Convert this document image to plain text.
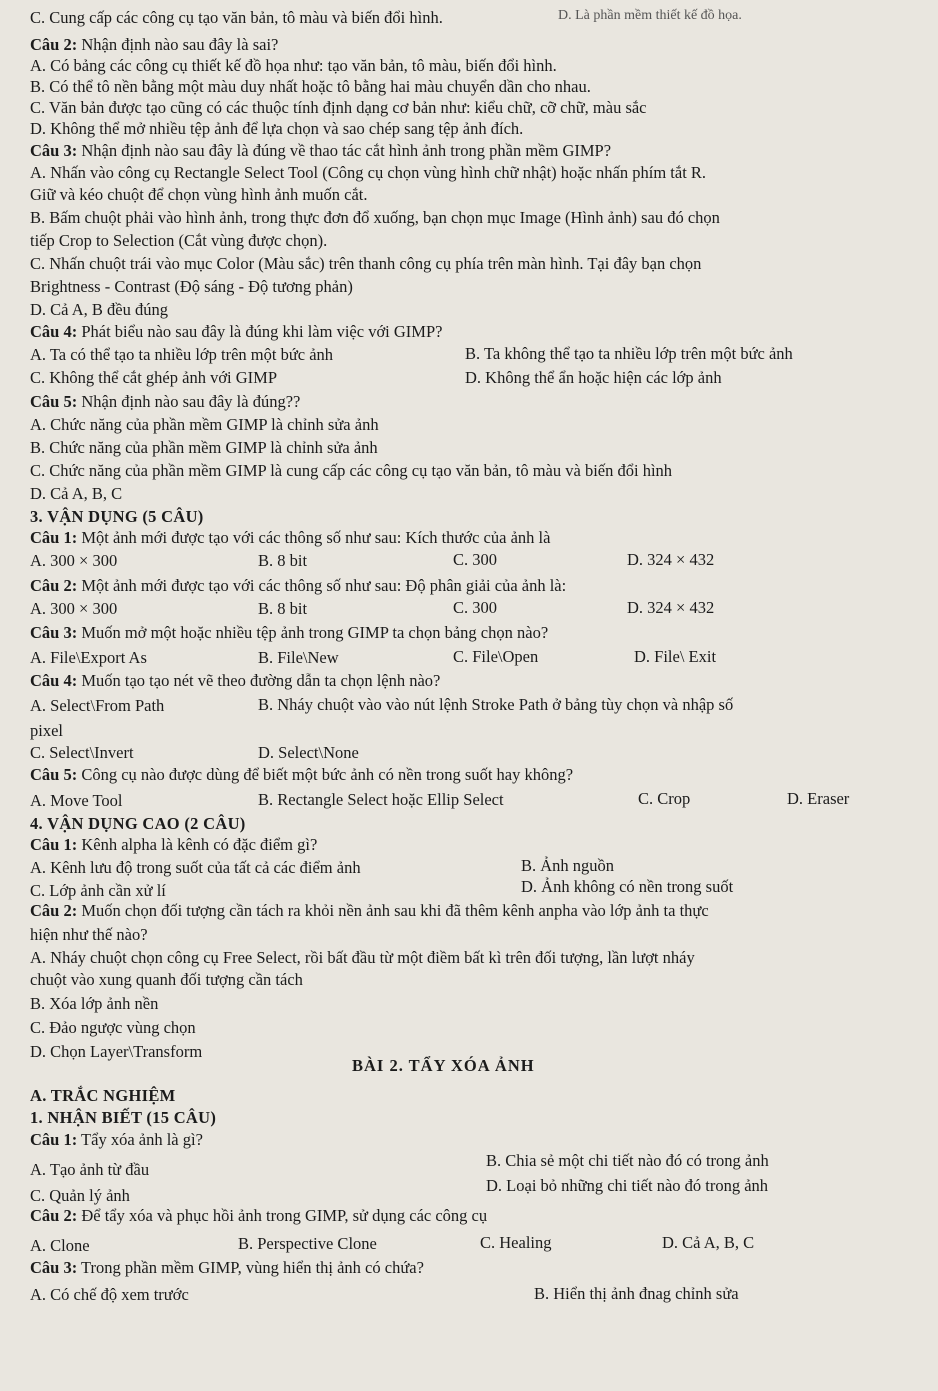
C. Cung cấp các công cụ tạo văn bản, tô màu và biến đổi hình.	D. Là phần mềm thiết kế đồ họa.
Câu 2: Nhận định nào sau đây là sai?
A. Có bảng các công cụ thiết kế đồ họa như: tạo văn bản, tô màu, biến đổi hình.
B. Có thể tô nền bằng một màu duy nhất hoặc tô bằng hai màu chuyển dần cho nhau.
C. Văn bản được tạo cũng có các thuộc tính định dạng cơ bản như: kiểu chữ, cỡ chữ, màu sắc
D. Không thể mở nhiều tệp ảnh để lựa chọn và sao chép sang tệp ảnh đích.
Câu 3: Nhận định nào sau đây là đúng về thao tác cắt hình ảnh trong phần mềm GIMP?
A. Nhấn vào công cụ Rectangle Select Tool (Công cụ chọn vùng hình chữ nhật) hoặc nhấn phím tắt R.
Giữ và kéo chuột để chọn vùng hình ảnh muốn cắt.
B. Bấm chuột phải vào hình ảnh, trong thực đơn đổ xuống, bạn chọn mục Image (Hình ảnh) sau đó chọn
tiếp Crop to Selection (Cắt vùng được chọn).
C. Nhấn chuột trái vào mục Color (Màu sắc) trên thanh công cụ phía trên màn hình. Tại đây bạn chọn
Brightness - Contrast (Độ sáng - Độ tương phản)
D. Cả A, B đều đúng
Câu 4: Phát biểu nào sau đây là đúng khi làm việc với GIMP?
A. Ta có thể tạo ta nhiều lớp trên một bức ảnh	B. Ta không thể tạo ta nhiều lớp trên một bức ảnh
C. Không thể cắt ghép ảnh với GIMP	D. Không thể ẩn hoặc hiện các lớp ảnh
Câu 5: Nhận định nào sau đây là đúng??
A. Chức năng của phần mềm GIMP là chỉnh sửa ảnh
B. Chức năng của phần mềm GIMP là chỉnh sửa ảnh
C. Chức năng của phần mềm GIMP là cung cấp các công cụ tạo văn bản, tô màu và biến đổi hình
D. Cả A, B, C
3. VẬN DỤNG (5 CÂU)
Câu 1: Một ảnh mới được tạo với các thông số như sau: Kích thước của ảnh là
A. 300 × 300	B. 8 bit	C. 300	D. 324 × 432
Câu 2: Một ảnh mới được tạo với các thông số như sau: Độ phân giải của ảnh là:
A. 300 × 300	B. 8 bit	C. 300	D. 324 × 432
Câu 3: Muốn mở một hoặc nhiều tệp ảnh trong GIMP ta chọn bảng chọn nào?
A. File\Export As	B. File\New	C. File\Open	D. File\ Exit
Câu 4: Muốn tạo tạo nét vẽ theo đường dẫn ta chọn lệnh nào?
A. Select\From Path	B. Nháy chuột vào vào nút lệnh Stroke Path ở bảng tùy chọn và nhập số
pixel
C. Select\Invert	D. Select\None
Câu 5: Công cụ nào được dùng để biết một bức ảnh có nền trong suốt hay không?
A. Move Tool	B. Rectangle Select hoặc Ellip Select	C. Crop	D. Eraser
4. VẬN DỤNG CAO (2 CÂU)
Câu 1: Kênh alpha là kênh có đặc điểm gì?
A. Kênh lưu độ trong suốt của tất cả các điểm ảnh	B. Ảnh nguồn
C. Lớp ảnh cần xử lí	D. Ảnh không có nền trong suốt
Câu 2: Muốn chọn đối tượng cần tách ra khỏi nền ảnh sau khi đã thêm kênh anpha vào lớp ảnh ta thực
hiện như thế nào?
A. Nháy chuột chọn công cụ Free Select, rồi bất đầu từ một điềm bất kì trên đối tượng, lần lượt nháy
chuột vào xung quanh đối tượng cần tách
B. Xóa lớp ảnh nền
C. Đảo ngược vùng chọn
D. Chọn Layer\Transform
BÀI 2. TẨY XÓA ẢNH
A. TRẮC NGHIỆM
1. NHẬN BIẾT (15 CÂU)
Câu 1: Tẩy xóa ảnh là gì?
A. Tạo ảnh từ đầu	B. Chia sẻ một chi tiết nào đó có trong ảnh
C. Quản lý ảnh
D. Loại bỏ những chi tiết nào đó trong ảnh
Câu 2: Để tẩy xóa và phục hồi ảnh trong GIMP, sử dụng các công cụ
A. Clone	B. Perspective Clone	C. Healing	D. Cả A, B, C
Câu 3: Trong phần mềm GIMP, vùng hiển thị ảnh có chứa?
A. Có chế độ xem trước	B. Hiển thị ảnh đnag chỉnh sửa
